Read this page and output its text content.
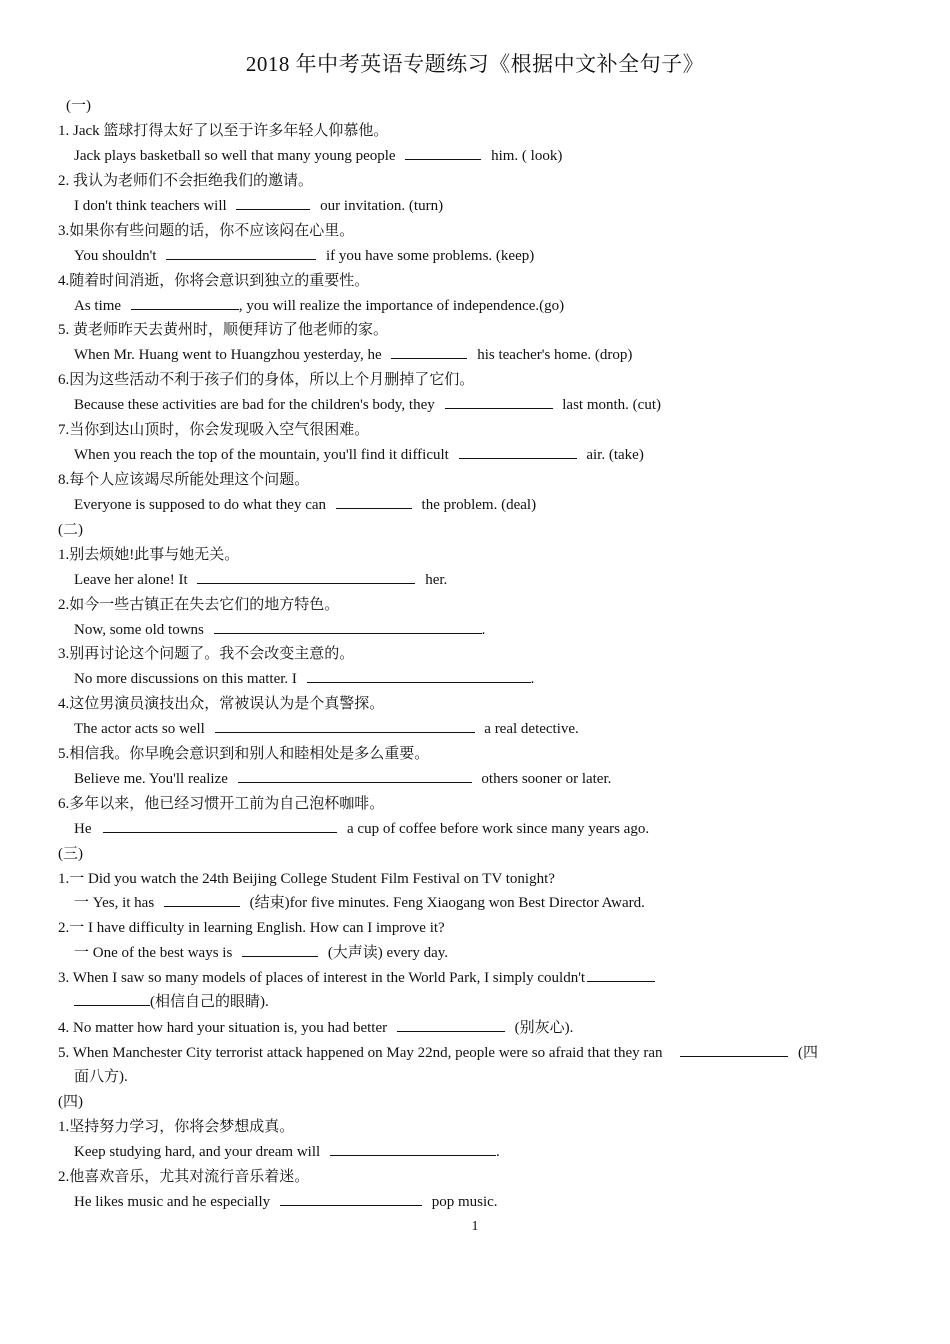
2018 年中考英语专题练习《根据中文补全句子》
(一)
1. Jack 篮球打得太好了以至于许多年轻人仰慕他。
Jack plays basketball so well that many young people	him. ( look)
2. 我认为老师们不会拒绝我们的邀请。
I don't think teachers will	our invitation. (turn)
3.如果你有些问题的话，你不应该闷在心里。
You shouldn't	if you have some problems. (keep)
4.随着时间消逝，你将会意识到独立的重要性。
As time	, you will realize the importance of independence.(go)
5. 黄老师昨天去黄州时，顺便拜访了他老师的家。
When Mr. Huang went to Huangzhou yesterday, he	his teacher's home. (drop)
6.因为这些活动不利于孩子们的身体，所以上个月删掉了它们。
Because these activities are bad for the children's body, they	last month. (cut)
7.当你到达山顶时，你会发现吸入空气很困难。
When you reach the top of the mountain, you'll find it difficult	air. (take)
8.每个人应该竭尽所能处理这个问题。
Everyone is supposed to do what they can	the problem. (deal)
(二)
1.别去烦她!此事与她无关。
Leave her alone! It	her.
2.如今一些古镇正在失去它们的地方特色。
Now, some old towns	.
3.别再讨论这个问题了。我不会改变主意的。
No more discussions on this matter. I	.
4.这位男演员演技出众，常被误认为是个真警探。
The actor acts so well	a real detective.
5.相信我。你早晚会意识到和别人和睦相处是多么重要。
Believe me. You'll realize	others sooner or later.
6.多年以来，他已经习惯开工前为自己泡杯咖啡。
He	a cup of coffee before work since many years ago.
(三)
1.一 Did you watch the 24th Beijing College Student Film Festival on TV tonight?
一 Yes, it has	(结束)for five minutes. Feng Xiaogang won Best Director Award.
2.一 I have difficulty in learning English. How can I improve it?
一 One of the best ways is	(大声读) every day.
3. When I saw so many models of places of interest in the World Park, I simply couldn't
(相信自己的眼睛).
4. No matter how hard your situation is, you had better	(别灰心).
5. When Manchester City terrorist attack happened on May 22nd, people were so afraid that they ran	(四
面八方).
(四)
1.坚持努力学习，你将会梦想成真。
Keep studying hard, and your dream will	.
2.他喜欢音乐，尤其对流行音乐着迷。
He likes music and he especially	pop music.
1
